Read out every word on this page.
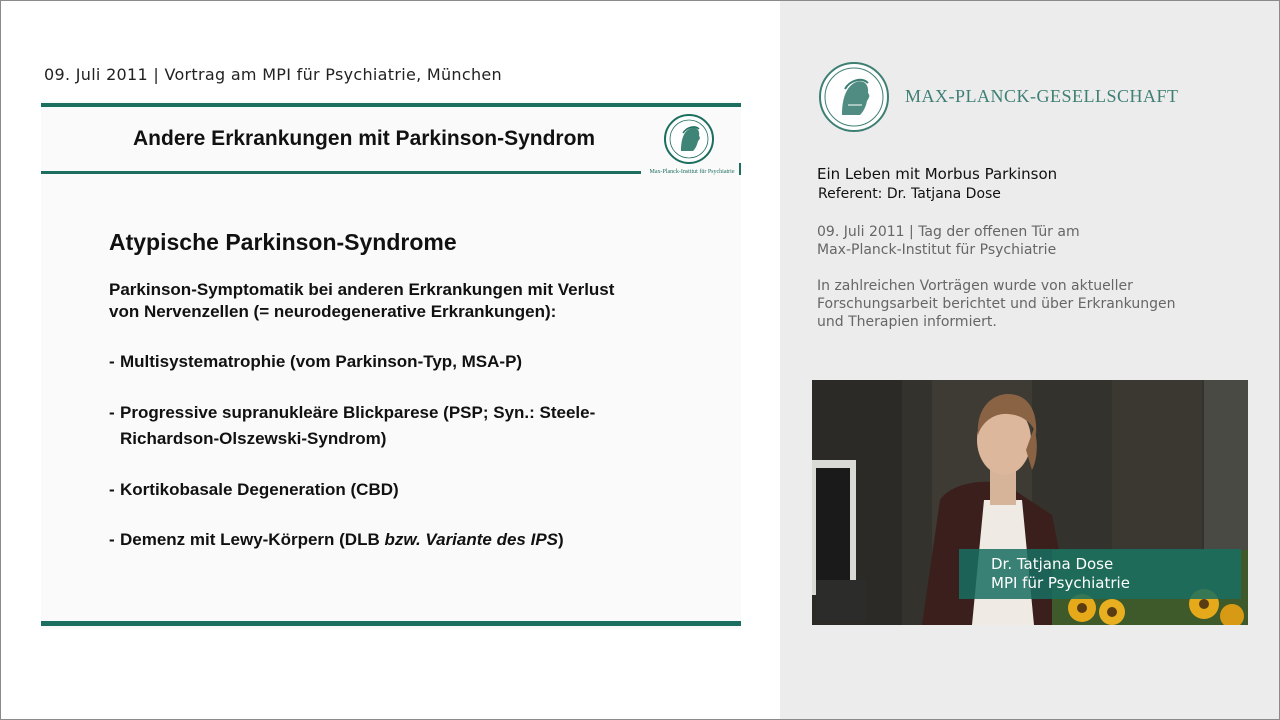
09. Juli 2011 | Vortrag am MPI für Psychiatrie, München
Andere Erkrankungen mit Parkinson-Syndrom
Max-Planck-Institut für Psychiatrie
Atypische Parkinson-Syndrome
Parkinson-Symptomatik bei anderen Erkrankungen mit Verlust
von Nervenzellen (= neurodegenerative Erkrankungen):
- Multisystematrophie (vom Parkinson-Typ, MSA-P)
- Progressive supranukleäre Blickparese (PSP; Syn.: Steele-
Richardson-Olszewski-Syndrom)
- Kortikobasale Degeneration (CBD)
- Demenz mit Lewy-Körpern (DLB bzw. Variante des IPS)
MAX-PLANCK-GESELLSCHAFT
Ein Leben mit Morbus Parkinson
Referent: Dr. Tatjana Dose
09. Juli 2011 | Tag der offenen Tür am
Max-Planck-Institut für Psychiatrie
In zahlreichen Vorträgen wurde von aktueller
Forschungsarbeit berichtet und über Erkrankungen
und Therapien informiert.
Dr. Tatjana Dose
MPI für Psychiatrie
